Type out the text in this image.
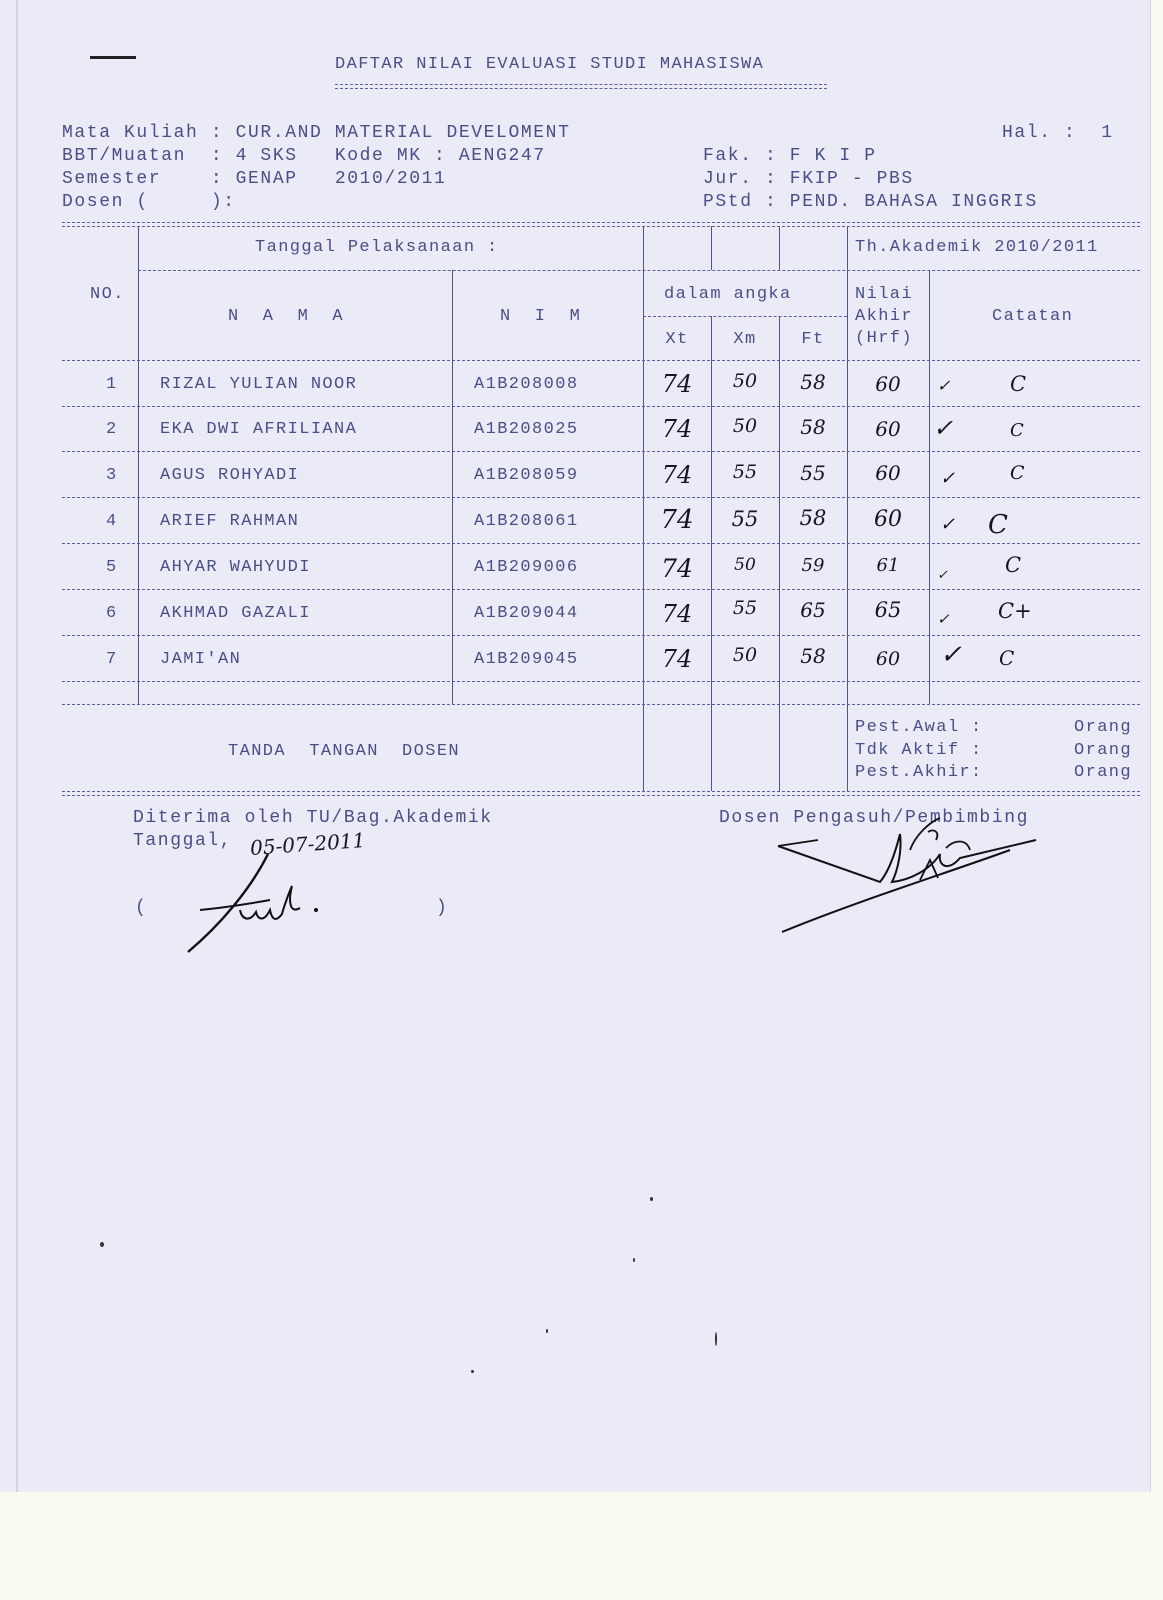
DAFTAR NILAI EVALUASI STUDI MAHASISWA
Mata Kuliah : CUR.AND MATERIAL DEVELOMENT	Hal. :  1
BBT/Muatan  : 4 SKS   Kode MK : AENG247	Fak. : F K I P
Semester    : GENAP   2010/2011	Jur. : FKIP - PBS
Dosen (     ):	PStd : PEND. BAHASA INGGRIS
Tanggal Pelaksanaan :	Th.Akademik 2010/2011
NO.
N  A  M  A	N  I  M
dalam angka
Xt	Xm	Ft
Nilai
Akhir
(Hrf)
Catatan
1 RIZAL YULIAN NOOR	A1B208008	74	50	58	60	✓	C
2 EKA DWI AFRILIANA	A1B208025	74	50	58	60	✓	C
3 AGUS ROHYADI	A1B208059	74	55	55	60	✓	C
4 ARIEF RAHMAN	A1B208061	74	55	58	60	✓ C
5 AHYAR WAHYUDI	A1B209006	74	50	59	61	✓	C
6 AKHMAD GAZALI	A1B209044	74	55	65	65	✓ C+
7 JAMI'AN	A1B209045	74	50	58	60	✓ C
TANDA  TANGAN  DOSEN
Pest.Awal :	Orang
Tdk Aktif :	Orang
Pest.Akhir:	Orang
Diterima oleh TU/Bag.Akademik
Tanggal, 05-07-2011
(	)
Dosen Pengasuh/Pembimbing
